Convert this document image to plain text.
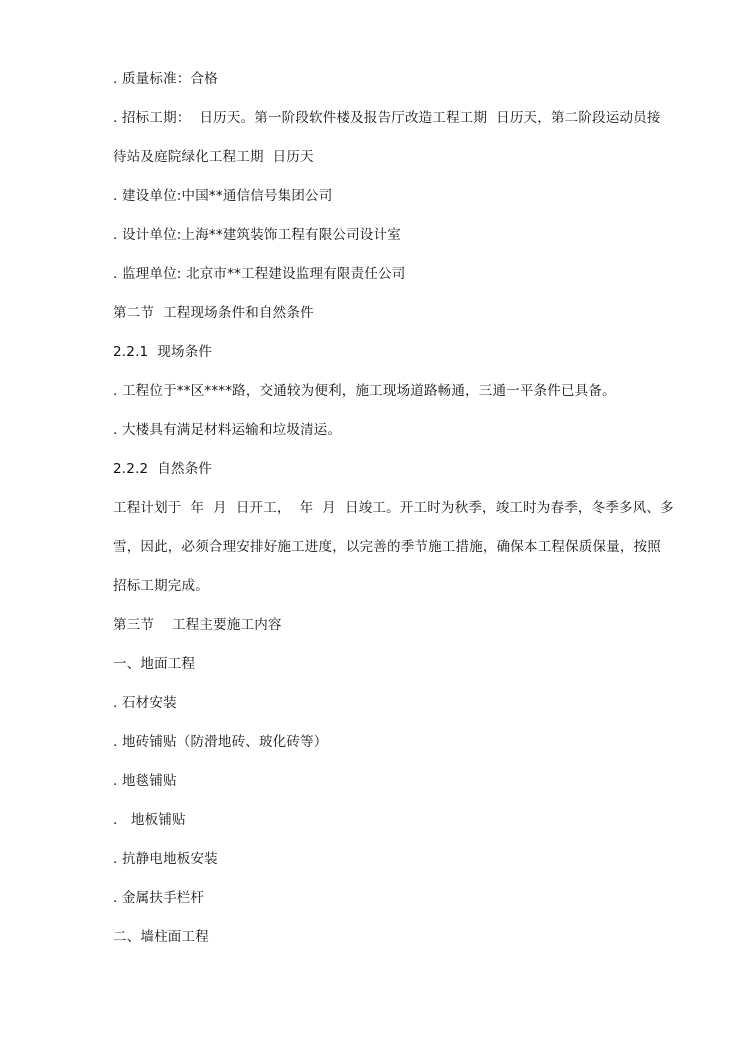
. 质量标准：合格
. 招标工期：  日历天。第一阶段软件楼及报告厅改造工程工期  日历天，第二阶段运动员接
待站及庭院绿化工程工期  日历天
. 建设单位:中国**通信信号集团公司
. 设计单位:上海**建筑装饰工程有限公司设计室
. 监理单位: 北京市**工程建设监理有限责任公司
第二节  工程现场条件和自然条件
2.2.1  现场条件
. 工程位于**区****路，交通较为便利，施工现场道路畅通，三通一平条件已具备。
. 大楼具有满足材料运输和垃圾清运。
2.2.2  自然条件
工程计划于  年  月  日开工，  年  月  日竣工。开工时为秋季，竣工时为春季，冬季多风、多
雪，因此，必须合理安排好施工进度，以完善的季节施工措施，确保本工程保质保量，按照
招标工期完成。
第三节    工程主要施工内容
一、地面工程
. 石材安装
. 地砖铺贴（防滑地砖、玻化砖等）
. 地毯铺贴
.   地板铺贴
. 抗静电地板安装
. 金属扶手栏杆
二、墙柱面工程
